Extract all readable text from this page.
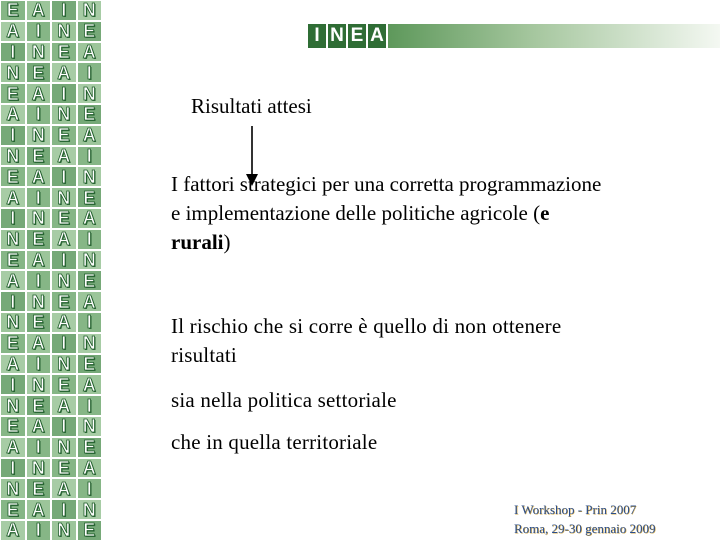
E A I N
A I N E
I N E A
N E A I
E A I N
A I N E
I N E A
N E A I
E A I N
A I N E
I N E A
N E A I
E A I N
A I N E
I N E A
N E A I
E A I N
A I N E
I N E A
N E A I
E A I N
A I N E
I N E A
N E A I
E A I N
A I N E
I N E A
Risultati attesi
I fattori strategici per una corretta programmazione e implementazione delle politiche agricole (e rurali)
Il rischio che si corre è quello di non ottenere risultati
sia nella politica settoriale
che in quella territoriale
I Workshop - Prin 2007
Roma, 29-30 gennaio 2009
